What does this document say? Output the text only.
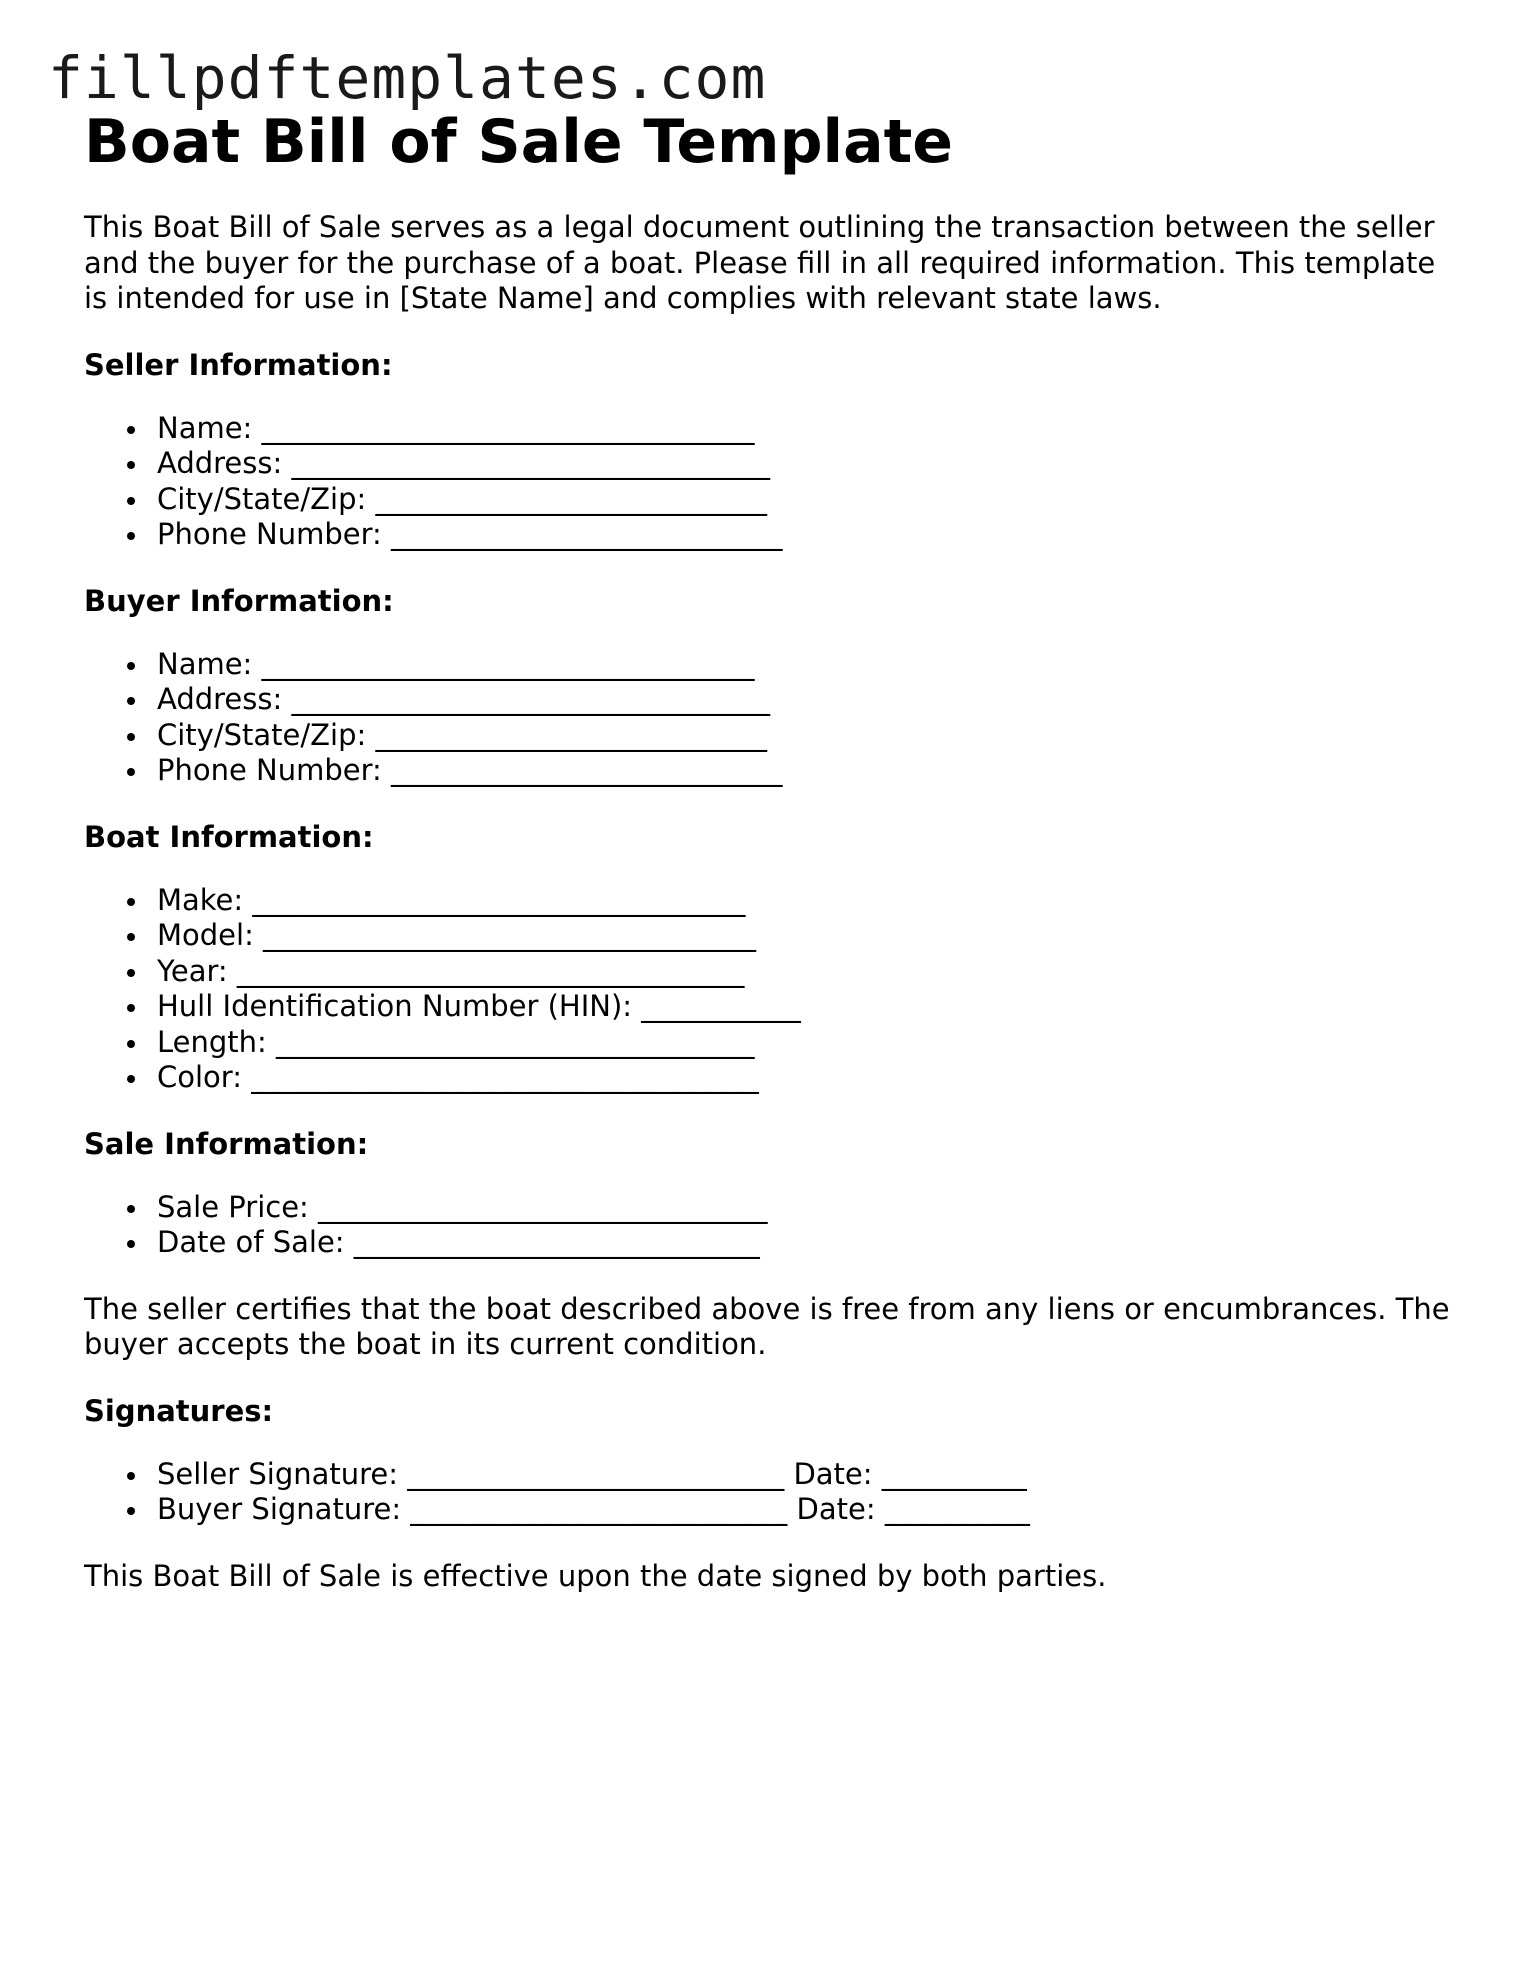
fillpdftemplates.com
Boat Bill of Sale Template

This Boat Bill of Sale serves as a legal document outlining the transaction between the seller and the buyer for the purchase of a boat. Please fill in all required information. This template is intended for use in [State Name] and complies with relevant state laws.

Seller Information:
Name: __________________________________
Address: _________________________________
City/State/Zip: ___________________________
Phone Number: ___________________________
Buyer Information:
Name: __________________________________
Address: _________________________________
City/State/Zip: ___________________________
Phone Number: ___________________________
Boat Information:
Make: __________________________________
Model: __________________________________
Year: ___________________________________
Hull Identification Number (HIN): ___________
Length: _________________________________
Color: ___________________________________
Sale Information:
Sale Price: _______________________________
Date of Sale: ____________________________

The seller certifies that the boat described above is free from any liens or encumbrances. The buyer accepts the boat in its current condition.

Signatures:
Seller Signature: __________________________ Date: __________
Buyer Signature: __________________________ Date: __________

This Boat Bill of Sale is effective upon the date signed by both parties.
